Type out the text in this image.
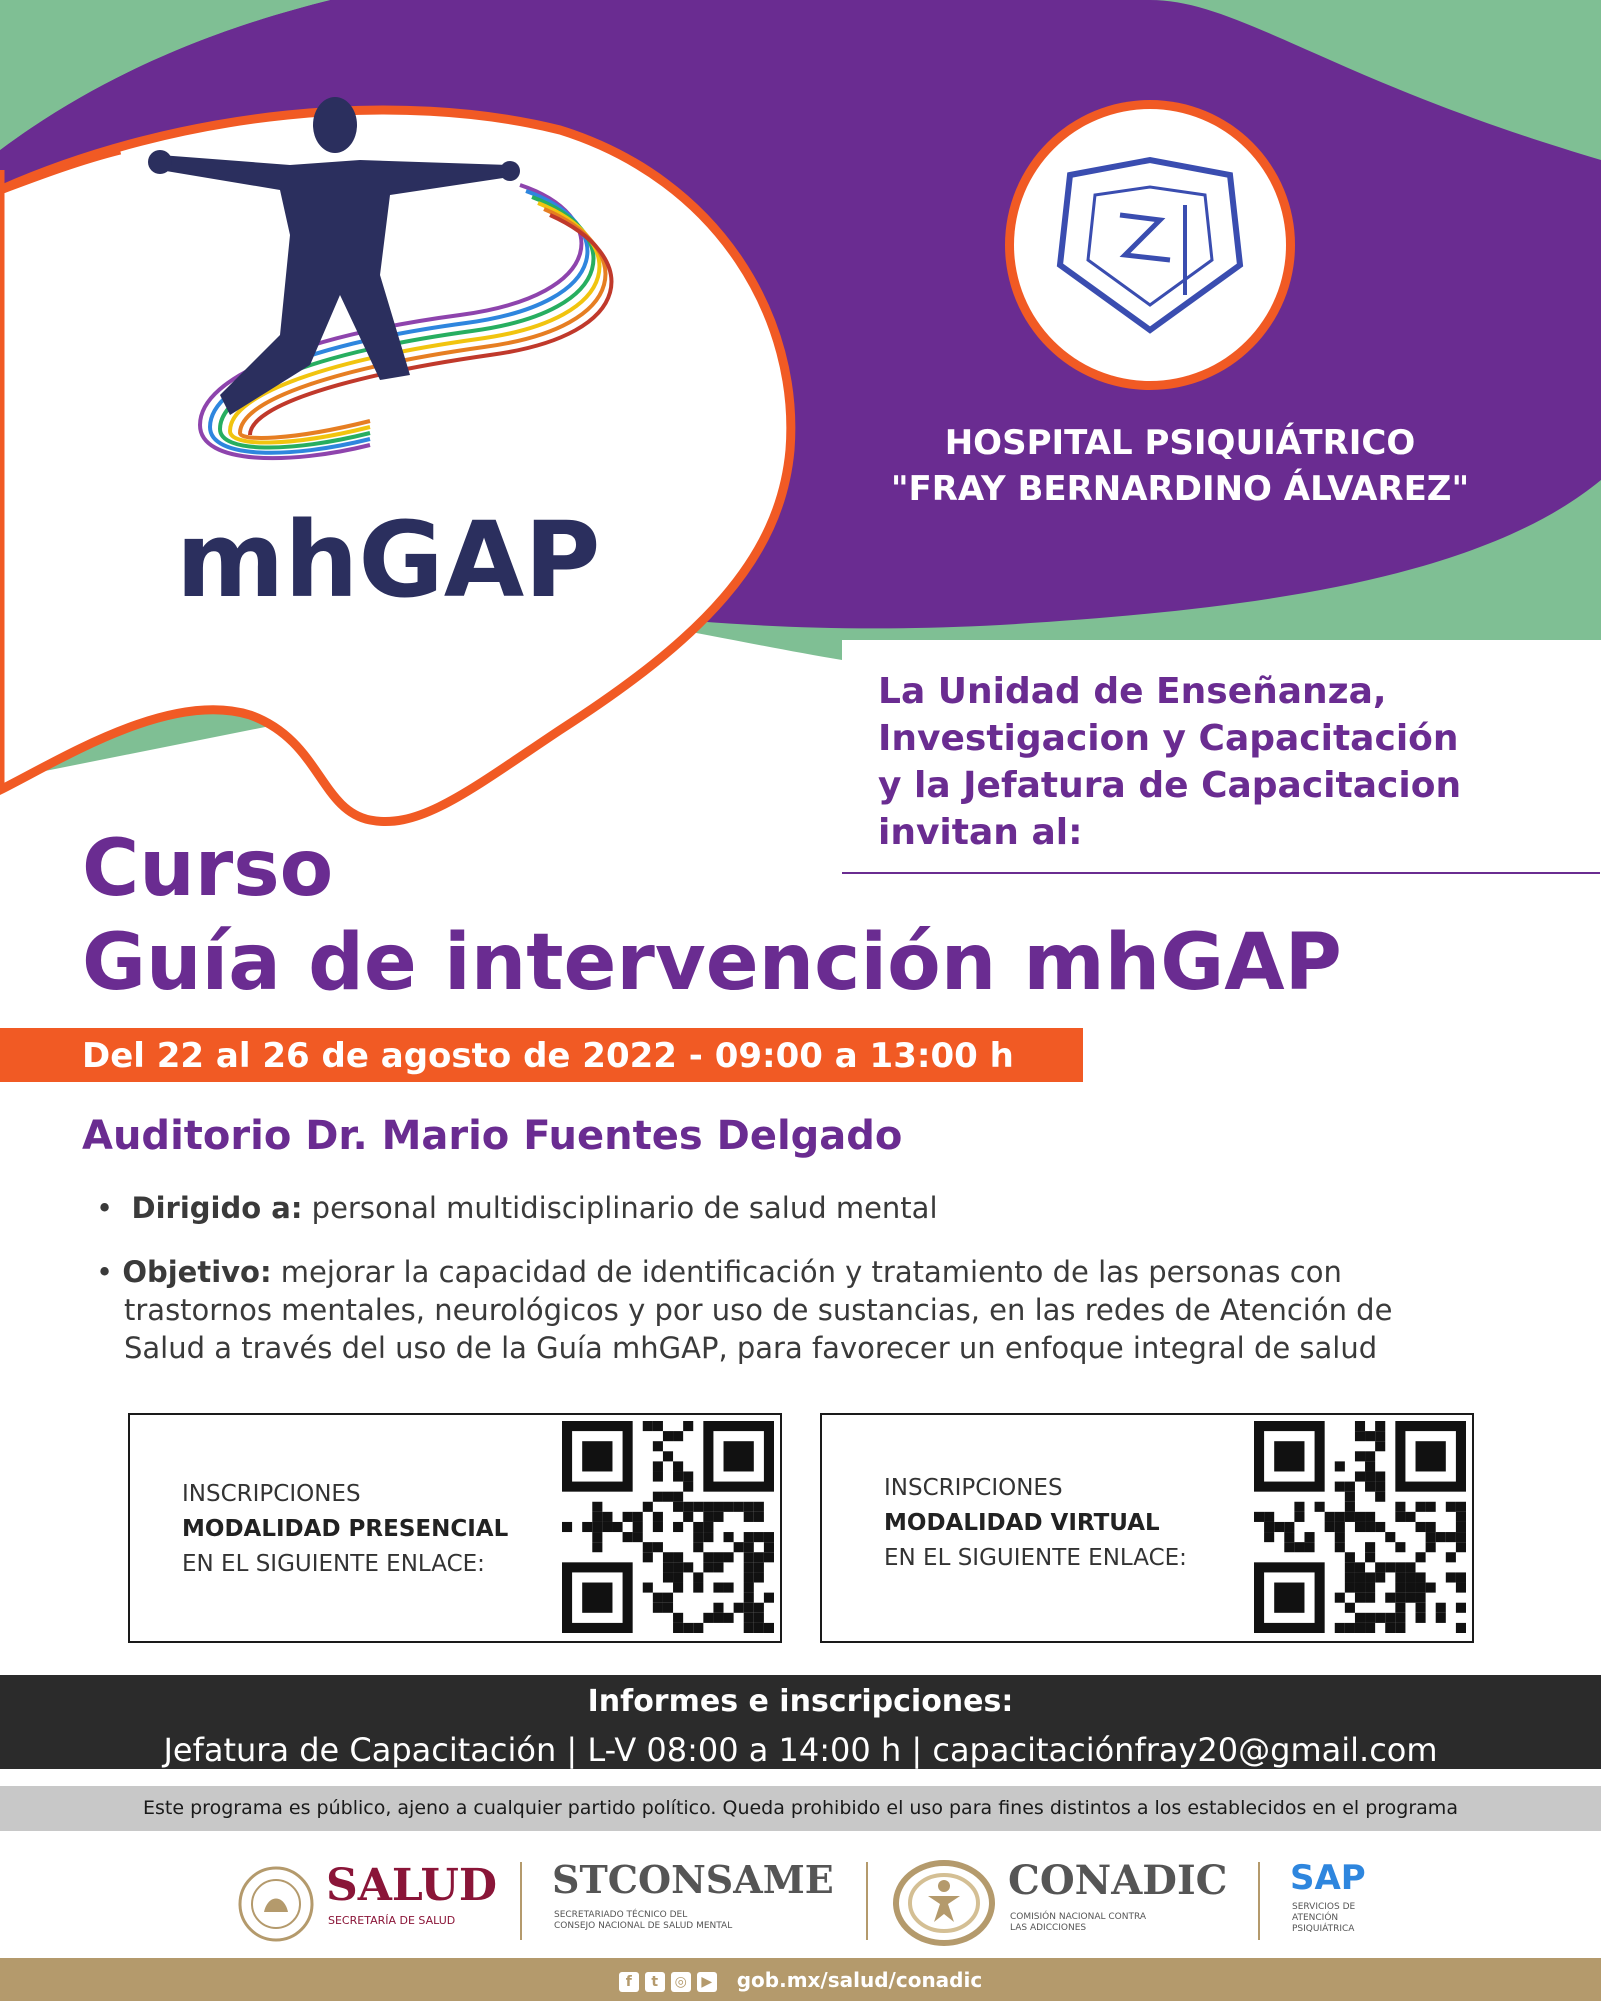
mhGAP
HOSPITAL PSIQUIÁTRICO
"FRAY BERNARDINO ÁLVAREZ"
La Unidad de Enseñanza,
Investigacion y Capacitación
y la Jefatura de Capacitacion
invitan al:
Curso
Guía de intervención mhGAP
Del 22 al 26 de agosto de 2022 - 09:00 a 13:00 h
Auditorio Dr. Mario Fuentes Delgado
•  Dirigido a: personal multidisciplinario de salud mental
• Objetivo: mejorar la capacidad de identificación y tratamiento de las personas con
trastornos mentales, neurológicos y por uso de sustancias, en las redes de Atención de
Salud a través del uso de la Guía mhGAP, para favorecer un enfoque integral de salud
INSCRIPCIONES
MODALIDAD PRESENCIAL
EN EL SIGUIENTE ENLACE:
INSCRIPCIONES
MODALIDAD VIRTUAL
EN EL SIGUIENTE ENLACE:
Informes e inscripciones:
Jefatura de Capacitación | L-V 08:00 a 14:00 h | capacitaciónfray20@gmail.com
Este programa es público, ajeno a cualquier partido político. Queda prohibido el uso para fines distintos a los establecidos en el programa
SALUD
SECRETARÍA DE SALUD
STCONSAME
SECRETARIADO TÉCNICO DEL
CONSEJO NACIONAL DE SALUD MENTAL
CONADIC
COMISIÓN NACIONAL CONTRA
LAS ADICCIONES
SAP
SERVICIOS DE
ATENCIÓN
PSIQUIÁTRICA
f t ◎ ▶ gob.mx/salud/conadic
